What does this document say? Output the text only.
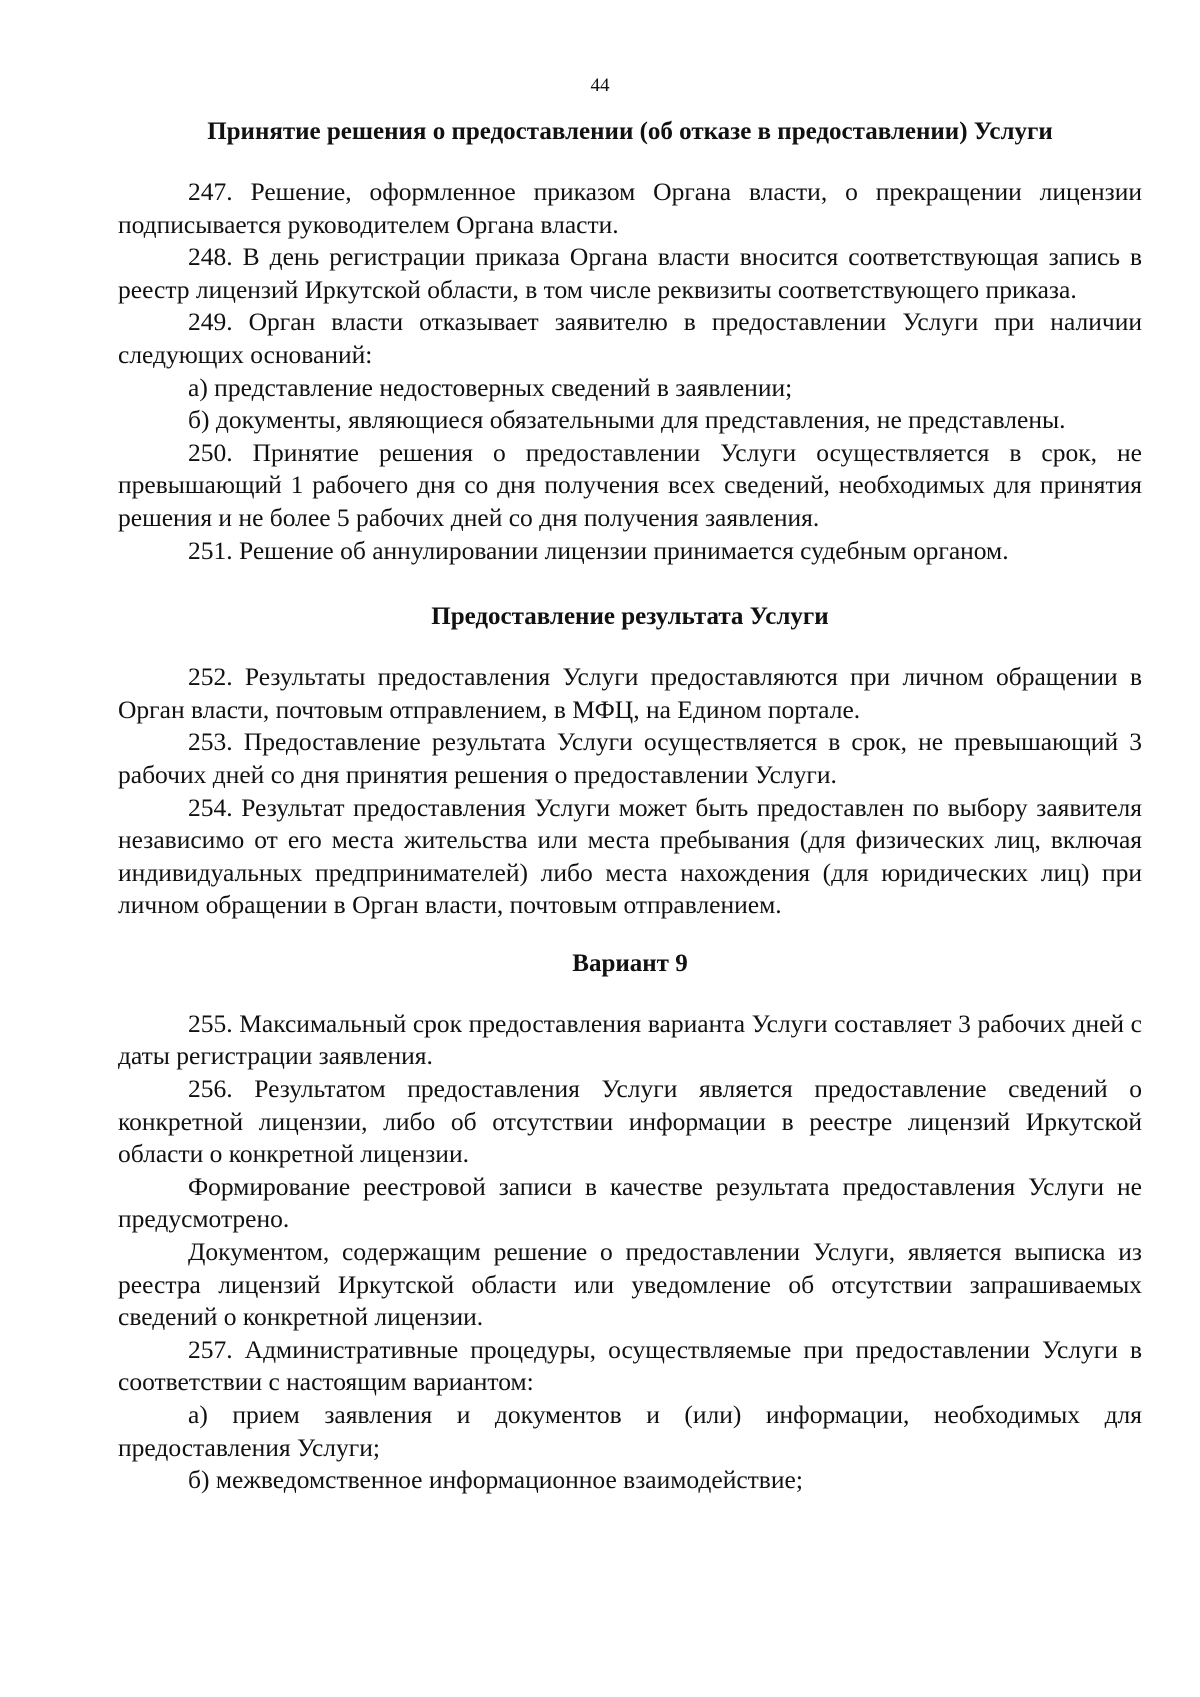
44
Принятие решения о предоставлении (об отказе в предоставлении) Услуги

247. Решение, оформленное приказом Органа власти, о прекращении лицензии подписывается руководителем Органа власти.

248. В день регистрации приказа Органа власти вносится соответствующая запись в реестр лицензий Иркутской области, в том числе реквизиты соответствующего приказа.

249. Орган власти отказывает заявителю в предоставлении Услуги при наличии следующих оснований:

а) представление недостоверных сведений в заявлении;

б) документы, являющиеся обязательными для представления, не представлены.

250. Принятие решения о предоставлении Услуги осуществляется в срок, не превышающий 1 рабочего дня со дня получения всех сведений, необходимых для принятия решения и не более 5 рабочих дней со дня получения заявления.

251. Решение об аннулировании лицензии принимается судебным органом.

Предоставление результата Услуги

252. Результаты предоставления Услуги предоставляются при личном обращении в Орган власти, почтовым отправлением, в МФЦ, на Едином портале.

253. Предоставление результата Услуги осуществляется в срок, не превышающий 3 рабочих дней со дня принятия решения о предоставлении Услуги.

254. Результат предоставления Услуги может быть предоставлен по выбору заявителя независимо от его места жительства или места пребывания (для физических лиц, включая индивидуальных предпринимателей) либо места нахождения (для юридических лиц) при личном обращении в Орган власти, почтовым отправлением.

Вариант 9

255. Максимальный срок предоставления варианта Услуги составляет 3 рабочих дней с даты регистрации заявления.

256. Результатом предоставления Услуги является предоставление сведений о конкретной лицензии, либо об отсутствии информации в реестре лицензий Иркутской области о конкретной лицензии.

Формирование реестровой записи в качестве результата предоставления Услуги не предусмотрено.

Документом, содержащим решение о предоставлении Услуги, является выписка из реестра лицензий Иркутской области или уведомление об отсутствии запрашиваемых сведений о конкретной лицензии.

257. Административные процедуры, осуществляемые при предоставлении Услуги в соответствии с настоящим вариантом:

а) прием заявления и документов и (или) информации, необходимых для предоставления Услуги;

б) межведомственное информационное взаимодействие;
